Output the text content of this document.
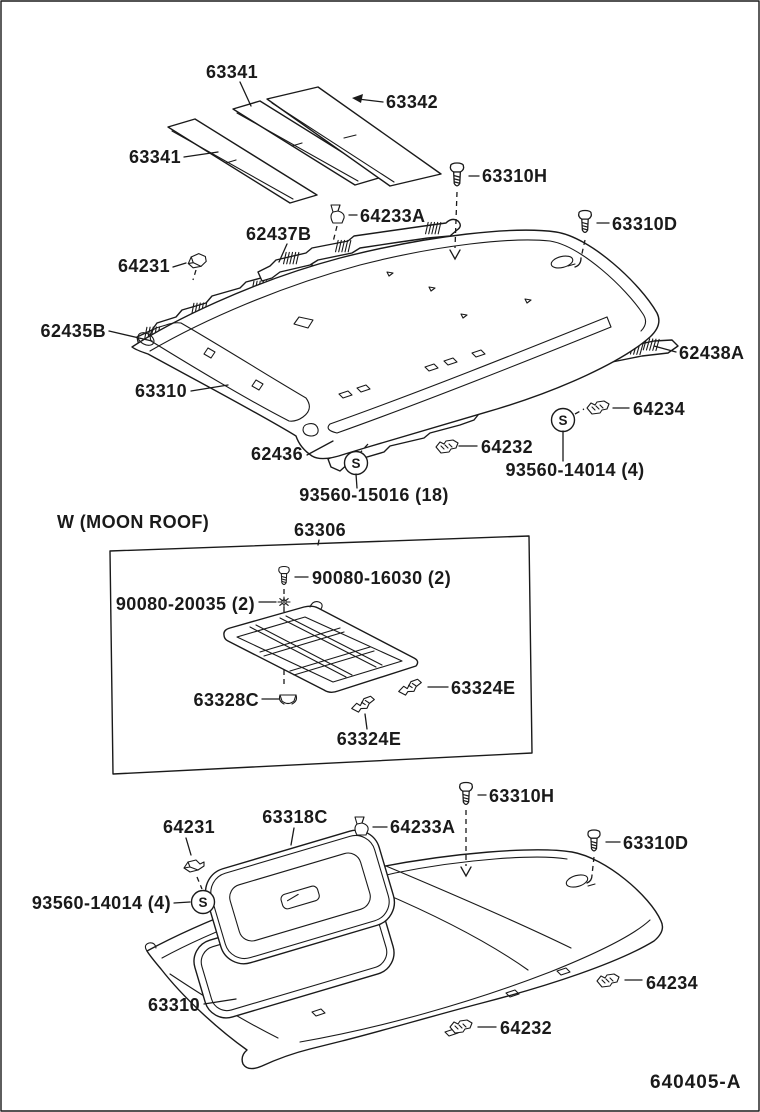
S
S
S
63341
63342
63341
63310H
64233A
62437B	63310D
64231
62435B
63310
62438A
64234
64232
62436
93560-15016 (18)
93560-14014 (4)
W (MOON ROOF)	63306
90080-16030 (2)
90080-20035 (2)
63328C
63324E
63324E
63310H
64231	63318C	64233A
63310D
93560-14014 (4)
63310
64234
64232
640405-A
